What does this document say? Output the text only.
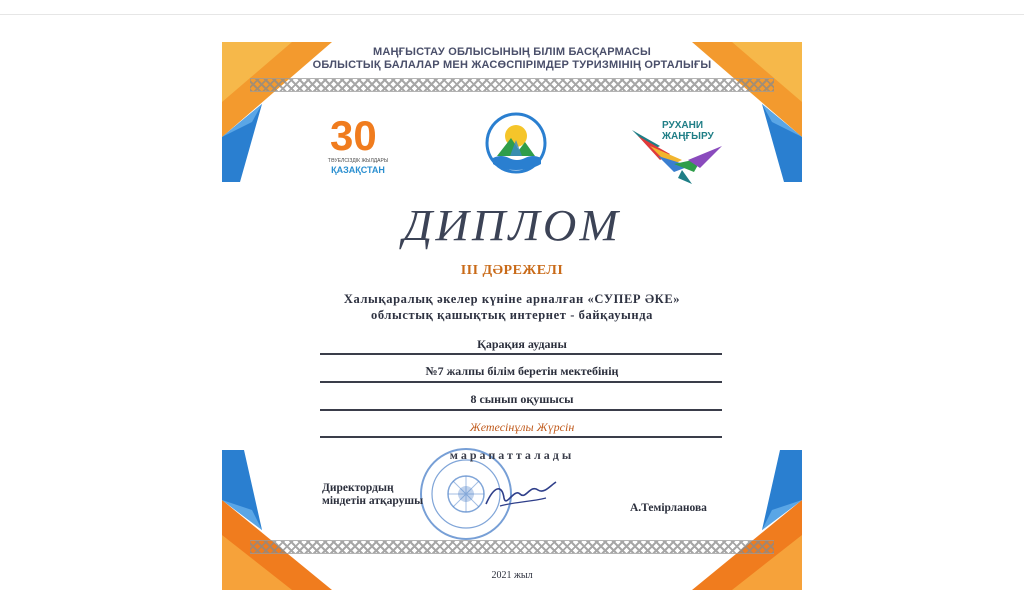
МАҢҒЫСТАУ ОБЛЫСЫНЫҢ БІЛІМ БАСҚАРМАСЫ
ОБЛЫСТЫҚ БАЛАЛАР МЕН ЖАСӨСПІРІМДЕР ТУРИЗМІНІҢ ОРТАЛЫҒЫ
30
ТӘУЕЛСІЗДІК ЖЫЛДАРЫ
ҚАЗАҚСТАН
РУХАНИ
ЖАҢҒЫРУ
ДИПЛОМ
ІІІ ДӘРЕЖЕЛІ
Халықаралық әкелер күніне арналған «СУПЕР ӘКЕ»
облыстық қашықтық интернет - байқауында
Қарақия ауданы
№7 жалпы білім беретін мектебінің
8 сынып оқушысы
Жетесінұлы Жүрсін
марапатталады
Директордың
міндетін атқарушы
А.Темірланова
2021 жыл
